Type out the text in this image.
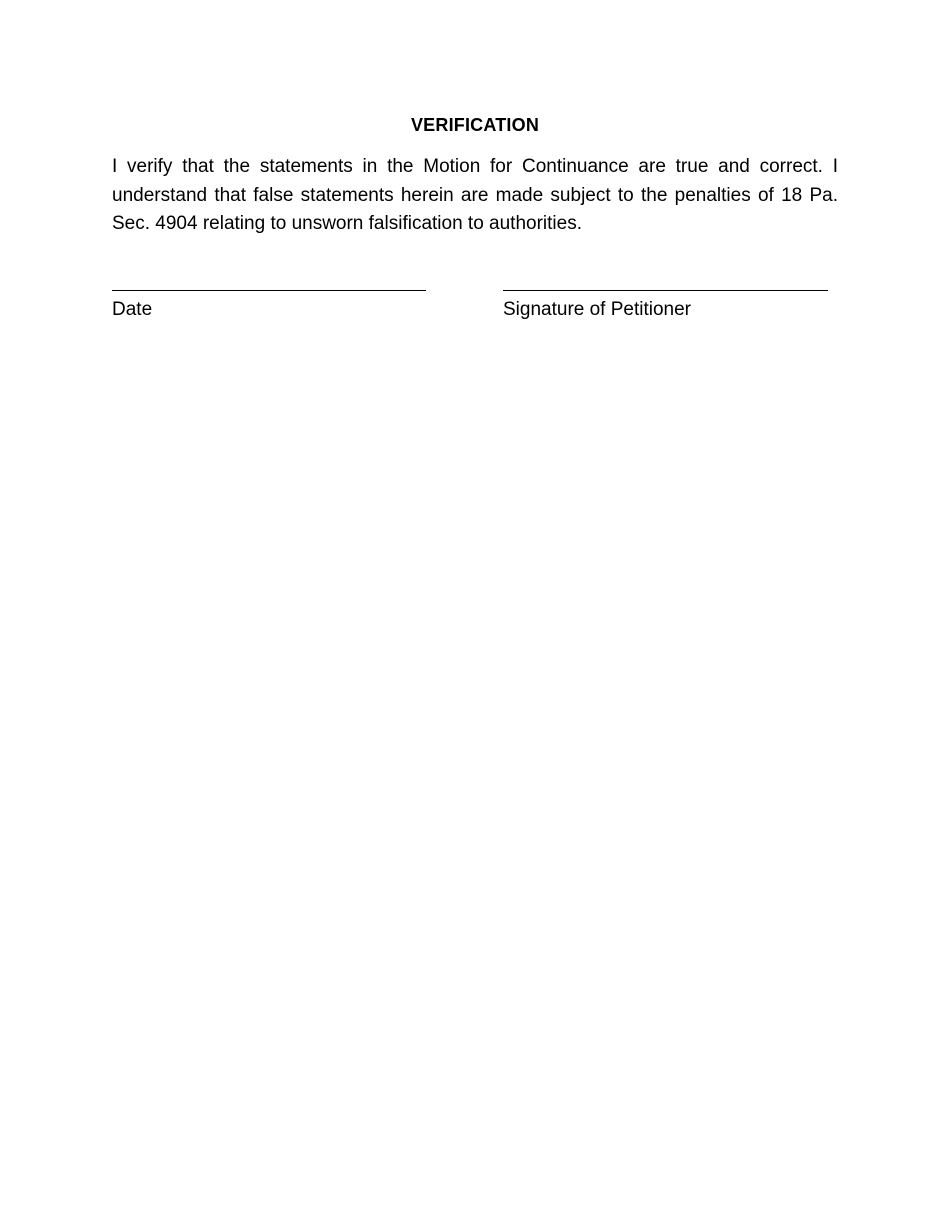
VERIFICATION
I verify that the statements in the Motion for Continuance are true and correct. I understand that false statements herein are made subject to the penalties of 18 Pa. Sec. 4904 relating to unsworn falsification to authorities.
Date	Signature of Petitioner
